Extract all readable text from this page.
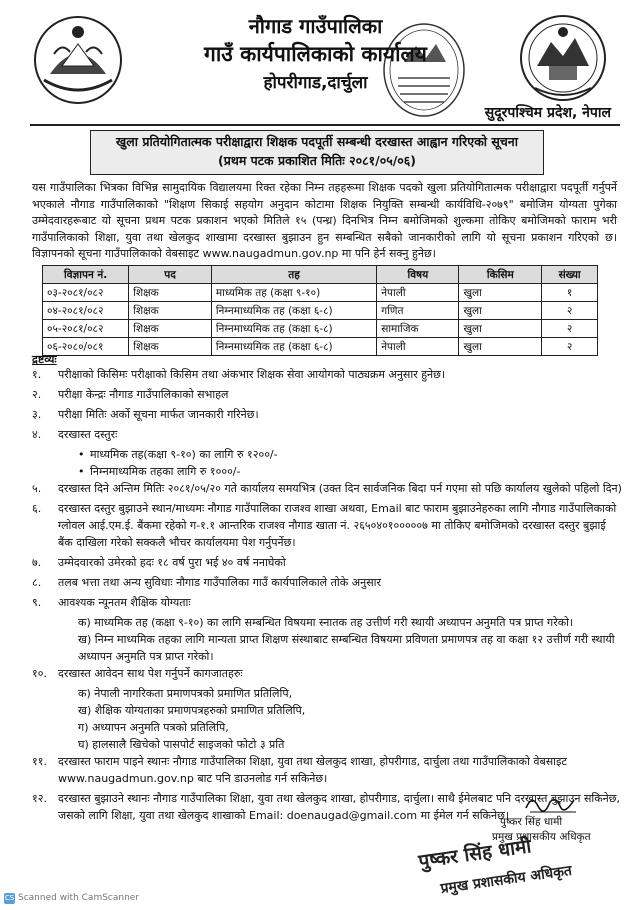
नौगाड गाउँपालिका
गाउँ कार्यपालिकाको कार्यालय
होपरीगाड,दार्चुला
सुदूरपश्चिम प्रदेश, नेपाल
खुला प्रतियोगितात्मक परीक्षाद्वारा शिक्षक पदपूर्ती सम्बन्धी दरखास्त आह्वान गरिएको सूचना
(प्रथम पटक प्रकाशित मितिः २०८१/०५/०६)
यस गाउँपालिका भित्रका विभिन्न सामुदायिक विद्यालयमा रिक्त रहेका निम्न तहहरूमा शिक्षक पदको खुला प्रतियोगितात्मक परीक्षाद्वारा पदपूर्ती गर्नुपर्ने भएकाले नौगाड गाउँपालिकाको "शिक्षण सिकाई सहयोग अनुदान कोटामा शिक्षक नियुक्ति सम्बन्धी कार्यविधि-२०७९" बमोजिम योग्यता पुगेका उम्मेदवारहरूबाट यो सूचना प्रथम पटक प्रकाशन भएको मितिले १५ (पन्ध्र) दिनभित्र निम्न बमोजिमको शुल्कमा तोकिए बमोजिमको फाराम भरी गाउँपालिकाको शिक्षा, युवा तथा खेलकुद शाखामा दरखास्त बुझाउन हुन सम्बन्धित सबैको जानकारीको लागि यो सूचना प्रकाशन गरिएको छ। विज्ञापनको सूचना गाउँपालिकाको वेबसाइट www.naugadmun.gov.np मा पनि हेर्न सक्नु हुनेछ।
विज्ञापन नं.	पद	तह	विषय	किसिम	संख्या
०३-२०८१/०८२	शिक्षक	माध्यमिक तह (कक्षा ९-१०)	नेपाली	खुला	१
०४-२०८१/०८२	शिक्षक	निम्नमाध्यमिक तह (कक्षा ६-८)	गणित	खुला	२
०५-२०८१/०८२	शिक्षक	निम्नमाध्यमिक तह (कक्षा ६-८)	सामाजिक	खुला	२
०६-२०८०/०८१	शिक्षक	निम्नमाध्यमिक तह (कक्षा ६-८)	नेपाली	खुला	२
द्रष्टव्यः
१. परीक्षाको किसिमः परीक्षाको किसिम तथा अंकभार शिक्षक सेवा आयोगको पाठ्यक्रम अनुसार हुनेछ।
२. परीक्षा केन्द्रः नौगाड गाउँपालिकाको सभाहल
३. परीक्षा मितिः अर्को सूचना मार्फत जानकारी गरिनेछ।
४. दरखास्त दस्तुरः
• माध्यमिक तह(कक्षा ९-१०) का लागि रु १२००/-
• निम्नमाध्यमिक तहका लागि रु १०००/-
५. दरखास्त दिने अन्तिम मितिः २०८१/०५/२० गते कार्यालय समयभित्र (उक्त दिन सार्वजनिक बिदा पर्न गएमा सो पछि कार्यालय खुलेको पहिलो दिन)
६. दरखास्त दस्तुर बुझाउने स्थान/माध्यमः नौगाड गाउँपालिका राजश्व शाखा अथवा, Email बाट फाराम बुझाउनेहरुका लागि नौगाड गाउँपालिकाको ग्लोवल आई.एम.ई. बैंकमा रहेको ग-१.१ आन्तरिक राजश्व नौगाड खाता नं. २६५०४०१०००००७ मा तोकिए बमोजिमको दरखास्त दस्तुर बुझाई बैंक दाखिला गरेको सक्कलै भौचर कार्यालयमा पेश गर्नुपर्नेछ।
७. उम्मेदवारको उमेरको हदः १८ वर्ष पुरा भई ४० वर्ष ननाघेको
८. तलब भत्ता तथा अन्य सुविधाः नौगाड गाउँपालिका गाउँ कार्यपालिकाले तोके अनुसार
९. आवश्यक न्यूनतम शैक्षिक योग्यताः
क) माध्यमिक तह (कक्षा ९-१०) का लागि सम्बन्धित विषयमा स्नातक तह उत्तीर्ण गरी स्थायी अध्यापन अनुमति पत्र प्राप्त गरेको।
ख) निम्न माध्यमिक तहका लागि मान्यता प्राप्त शिक्षण संस्थाबाट सम्बन्धित विषयमा प्रविणता प्रमाणपत्र तह वा कक्षा १२ उत्तीर्ण गरी स्थायी अध्यापन अनुमति पत्र प्राप्त गरेको।
१०. दरखास्त आवेदन साथ पेश गर्नुपर्ने कागजातहरुः
क) नेपाली नागरिकता प्रमाणपत्रको प्रमाणित प्रतिलिपि,
ख) शैक्षिक योग्यताका प्रमाणपत्रहरुको प्रमाणित प्रतिलिपि,
ग) अध्यापन अनुमति पत्रको प्रतिलिपि,
घ) हालसालै खिचेको पासपोर्ट साइजको फोटो ३ प्रति
११. दरखास्त फाराम पाइने स्थानः नौगाड गाउँपालिका शिक्षा, युवा तथा खेलकुद शाखा, होपरीगाड, दार्चुला तथा गाउँपालिकाको वेबसाइट www.naugadmun.gov.np बाट पनि डाउनलोड गर्न सकिनेछ।
१२. दरखास्त बुझाउने स्थानः नौगाड गाउँपालिका शिक्षा, युवा तथा खेलकुद शाखा, होपरीगाड, दार्चुला। साथै ईमेलबाट पनि दरखास्त बुझाउन सकिनेछ, जसको लागि शिक्षा, युवा तथा खेलकुद शाखाको Email: doenaugad@gmail.com मा ईमेल गर्न सकिनेछ।
पुष्कर सिंह धामी
प्रमुख प्रशासकीय अधिकृत
पुष्कर सिंह धामी
प्रमुख प्रशासकीय अधिकृत
CS Scanned with CamScanner
